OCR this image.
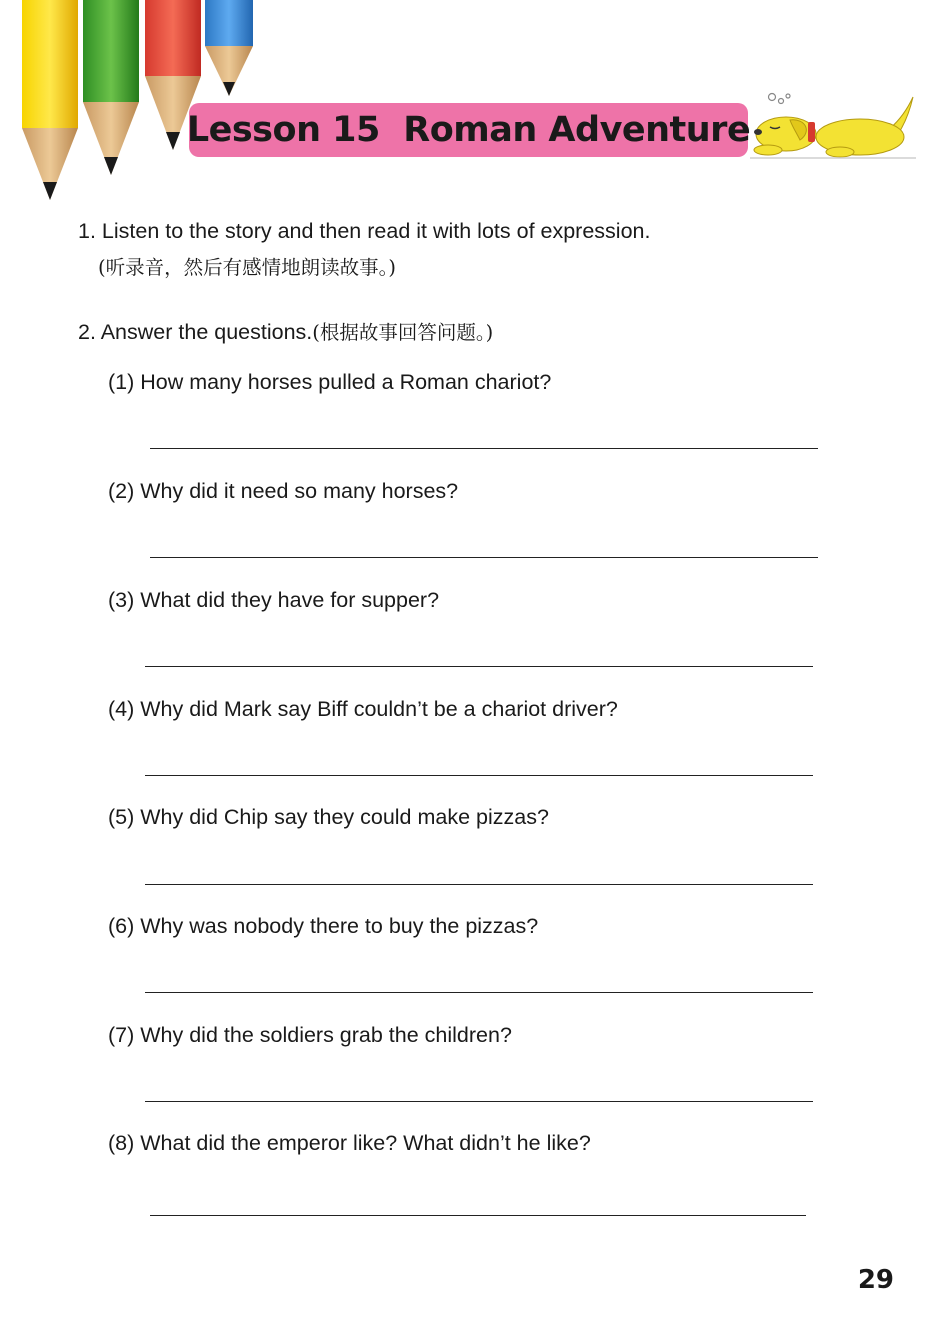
Lesson 15  Roman Adventure
1. Listen to the story and then read it with lots of expression.
(听录音，然后有感情地朗读故事。)
2. Answer the questions.(根据故事回答问题。)
(1) How many horses pulled a Roman chariot?
(2) Why did it need so many horses?
(3) What did they have for supper?
(4) Why did Mark say Biff couldn’t be a chariot driver?
(5) Why did Chip say they could make pizzas?
(6) Why was nobody there to buy the pizzas?
(7) Why did the soldiers grab the children?
(8) What did the emperor like? What didn’t he like?
29
